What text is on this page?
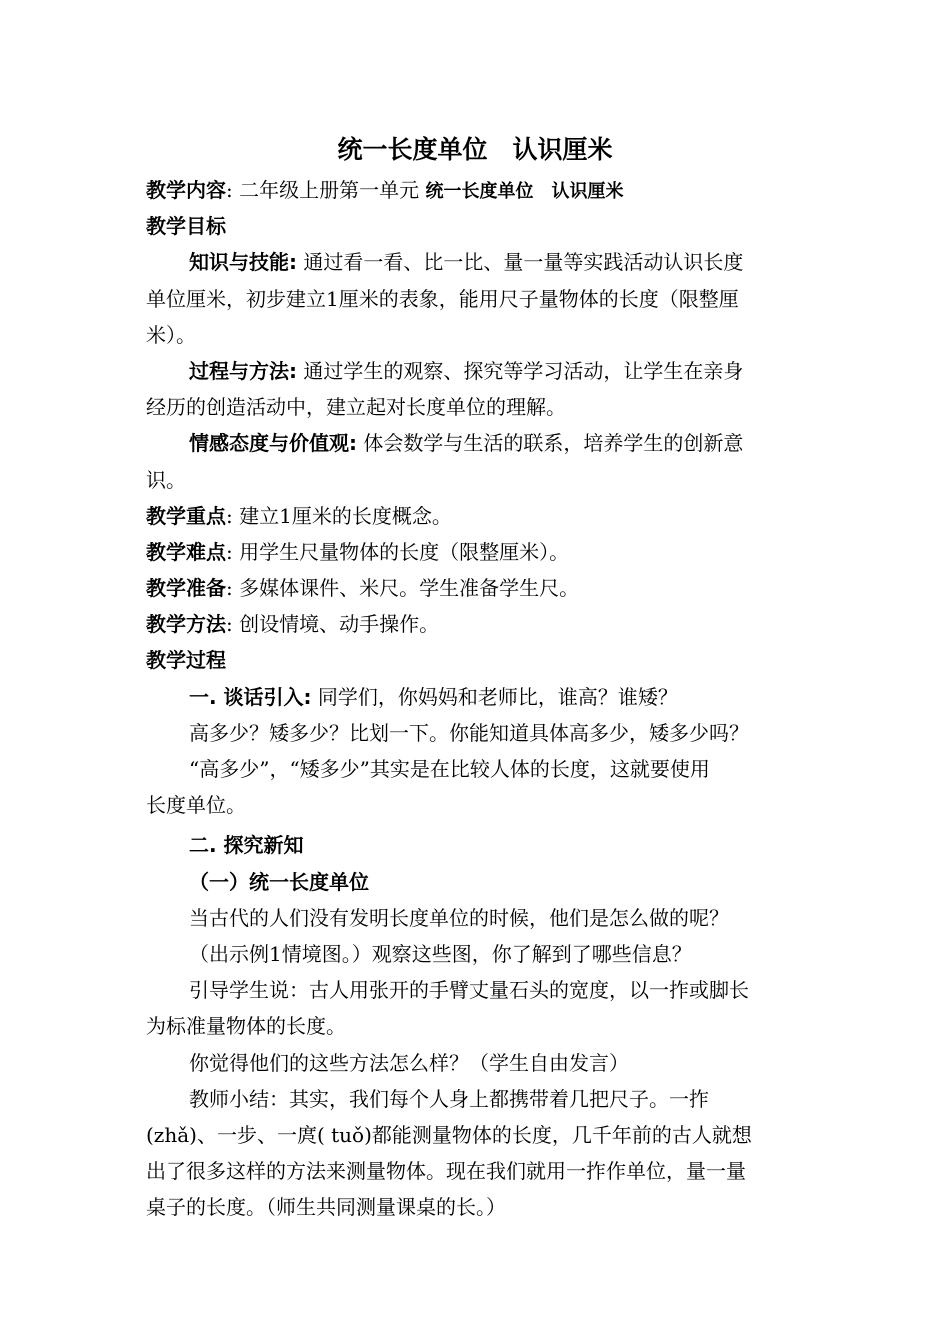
统一长度单位　认识厘米
教学内容: 二年级上册第一单元 统一长度单位　认识厘米
教学目标
知识与技能: 通过看一看、比一比、量一量等实践活动认识长度
单位厘米，初步建立1厘米的表象，能用尺子量物体的长度（限整厘
米）。
过程与方法: 通过学生的观察、探究等学习活动，让学生在亲身
经历的创造活动中，建立起对长度单位的理解。
情感态度与价值观: 体会数学与生活的联系，培养学生的创新意
识。
教学重点: 建立1厘米的长度概念。
教学难点: 用学生尺量物体的长度（限整厘米）。
教学准备: 多媒体课件、米尺。学生准备学生尺。
教学方法: 创设情境、动手操作。
教学过程
一. 谈话引入: 同学们，你妈妈和老师比，谁高？谁矮？
高多少？矮多少？比划一下。你能知道具体高多少，矮多少吗？
“高多少”，“矮多少”其实是在比较人体的长度，这就要使用
长度单位。
二. 探究新知
（一）统一长度单位
当古代的人们没有发明长度单位的时候，他们是怎么做的呢？
（出示例1情境图。）观察这些图，你了解到了哪些信息？
引导学生说：古人用张开的手臂丈量石头的宽度，以一拃或脚长
为标准量物体的长度。
你觉得他们的这些方法怎么样？（学生自由发言）
教师小结：其实，我们每个人身上都携带着几把尺子。一拃
(zhǎ)、一步、一庹( tuǒ)都能测量物体的长度，几千年前的古人就想
出了很多这样的方法来测量物体。现在我们就用一拃作单位，量一量
桌子的长度。（师生共同测量课桌的长。）
